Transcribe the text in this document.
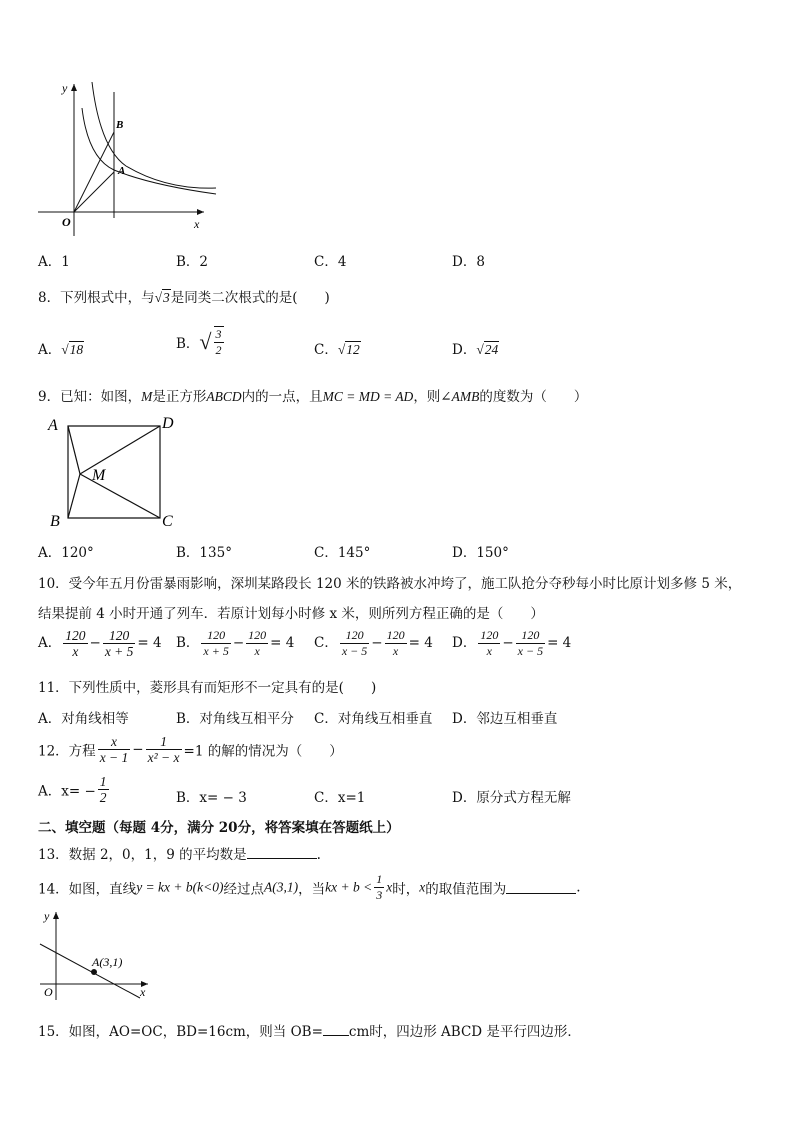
y
x
O
B
A
A．1	B．2	C．4	D．8
8．下列根式中，与√3是同类二次根式的是(　　)
A．√18	B．√ $\frac{3}{2}$	C．√12	D．√24
9．已知：如图，M是正方形ABCD内的一点，且MC = MD = AD，则∠AMB的度数为（　　）
A	D
M
B	C
A．120°	B．135°	C．145°	D．150°
10．受今年五月份雷暴雨影响，深圳某路段长 120 米的铁路被水冲垮了，施工队抢分夺秒每小时比原计划多修 5 米，
结果提前 4 小时开通了列车．若原计划每小时修 x 米，则所列方程正确的是（　　）
A． $\frac{120}{x} - \frac{120}{x + 5} = 4$ B． $\frac{120}{x + 5} - \frac{120}{x} = 4$ C． $\frac{120}{x - 5} - \frac{120}{x} = 4$ D． $\frac{120}{x} - \frac{120}{x - 5} = 4$
11．下列性质中，菱形具有而矩形不一定具有的是(　　)
A．对角线相等	B．对角线互相平分 C．对角线互相垂直 D．邻边互相垂直
12．方程 $\frac{x}{x - 1} - \frac{1}{\text{x² − x}} =1$ 的解的情况为（　　）
A．$x= - \frac{1}{2}$	B．x= − 3	C．x=1	D．原分式方程无解
二、填空题（每题 4分，满分 20分，将答案填在答题纸上）
13．数据 2，0，1，9 的平均数是	.
14．如图，直线y = kx + b(k<0)经过点A(3,1)，当kx + $b < \frac{1}{3}$ x时，x的取值范围为	.
y
x
O
A(3,1)
15．如图，AO=OC，BD=16cm，则当 OB= cm时，四边形 ABCD 是平行四边形．
